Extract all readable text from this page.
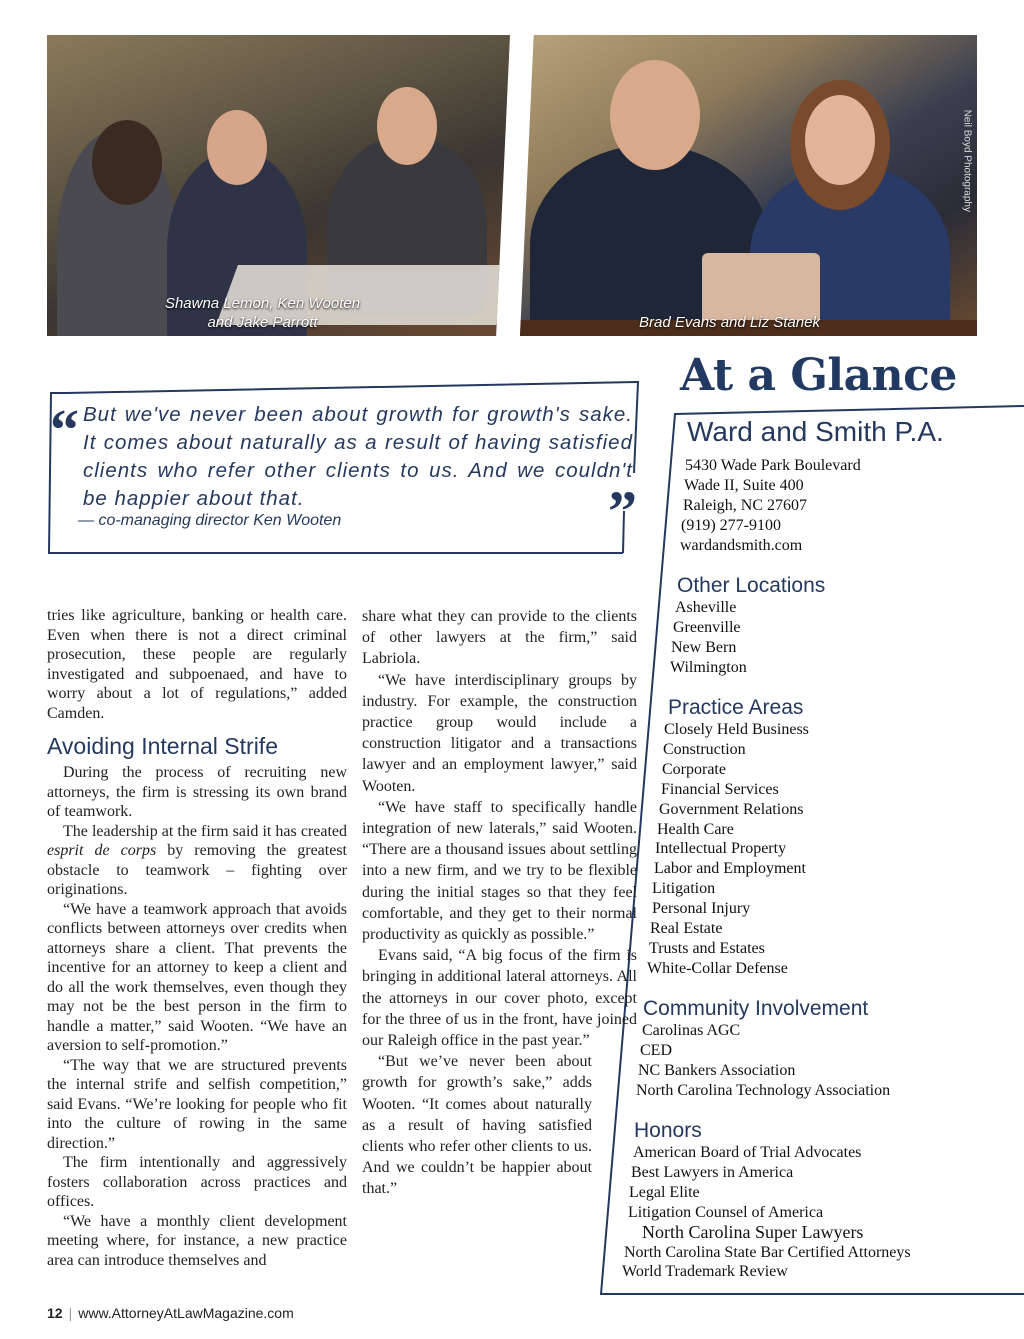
Shawna Lemon, Ken Wooten
and Jake Parrott	Brad Evans and Liz Stanek
Neil Boyd Photography
“
”
But we've never been about growth for growth's sake. It comes about naturally as a result of having satisfied clients who refer other clients to us. And we couldn't be happier about that.
— co-managing director Ken Wooten
At a Glance
Ward and Smith P.A.
5430 Wade Park Boulevard
Wade II, Suite 400
Raleigh, NC 27607
(919) 277-9100
wardandsmith.com
Other Locations
Asheville
Greenville
New Bern
Wilmington
Practice Areas
Closely Held Business
Construction
Corporate
Financial Services
Government Relations
Health Care
Intellectual Property
Labor and Employment
Litigation
Personal Injury
Real Estate
Trusts and Estates
White-Collar Defense
Community Involvement
Carolinas AGC
CED
NC Bankers Association
North Carolina Technology Association
Honors
American Board of Trial Advocates
Best Lawyers in America
Legal Elite
Litigation Counsel of America
North Carolina Super Lawyers
North Carolina State Bar Certified Attorneys
World Trademark Review

tries like agriculture, banking or health care. Even when there is not a direct criminal prosecution, these people are regularly investigated and subpoenaed, and have to worry about a lot of regulations,” added Camden.

Avoiding Internal Strife

During the process of recruiting new attorneys, the firm is stressing its own brand of teamwork.

The leadership at the firm said it has created esprit de corps by removing the greatest obstacle to teamwork – fighting over originations.

“We have a teamwork approach that avoids conflicts between attorneys over credits when attorneys share a client. That prevents the incentive for an attorney to keep a client and do all the work themselves, even though they may not be the best person in the firm to handle a matter,” said Wooten. “We have an aversion to self-promotion.”

“The way that we are structured prevents the internal strife and selfish competition,” said Evans. “We’re looking for people who fit into the culture of rowing in the same direction.”

The firm intentionally and aggressively fosters collaboration across practices and offices.

“We have a monthly client development meeting where, for instance, a new practice area can introduce themselves and

share what they can provide to the clients of other lawyers at the firm,” said Labriola.

“We have interdisciplinary groups by industry. For example, the construction practice group would include a construction litigator and a transactions lawyer and an employment lawyer,” said Wooten.

“We have staff to specifically handle integration of new laterals,” said Wooten. “There are a thousand issues about settling into a new firm, and we try to be flexible during the initial stages so that they feel comfortable, and they get to their normal productivity as quickly as possible.”

Evans said, “A big focus of the firm is bringing in additional lateral attorneys. All the attorneys in our cover photo, except for the three of us in the front, have joined our Raleigh office in the past year.”

“But we’ve never been about growth for growth’s sake,” adds Wooten. “It comes about naturally as a result of having satisfied clients who refer other clients to us. And we couldn’t be happier about that.”

12 | www.AttorneyAtLawMagazine.com
